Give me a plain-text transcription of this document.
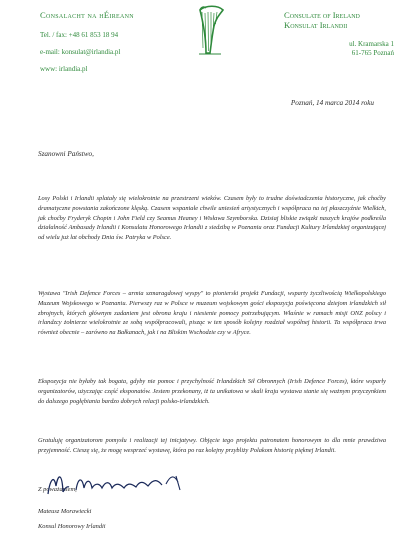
Consalacht na hÉireann
Tel. / fax: +48 61 853 18 94
e-mail: konsulat@irlandia.pl
www: irlandia.pl
Consulate of Ireland
Konsulat Irlandii
ul. Kramarska 1
61-765 Poznań
Poznań, 14 marca 2014 roku
Szanowni Państwo,

Losy Polski i Irlandii splatały się wielokrotnie na przestrzeni wieków. Czasem były to trudne doświadczenia historyczne, jak choćby dramatyczne powstania zakończone klęską. Czasem wspaniałe chwile uniesień artystycznych i współpraca na tej płaszczyźnie Wielkich, jak choćby Fryderyk Chopin i John Field czy Seamus Heaney i Wisława Szymborska. Dzisiaj bliskie związki naszych krajów podkreśla działalność Ambasady Irlandii i Konsulatu Honorowego Irlandii z siedzibą w Poznaniu oraz Fundacji Kultury Irlandzkiej organizującej od wielu już lat obchody Dnia św. Patryka w Polsce.

Wystawa "Irish Defence Forces – armia szmaragdowej wyspy" to pionierski projekt Fundacji, wsparty życzliwością Wielkopolskiego Muzeum Wojskowego w Poznaniu. Pierwszy raz w Polsce w muzeum wojskowym gości ekspozycja poświęcona dziejom irlandzkich sił zbrojnych, których głównym zadaniem jest obrona kraju i niesienie pomocy potrzebującym. Właśnie w ramach misji ONZ polscy i irlandzcy żołnierze wielokrotnie ze sobą współpracowali, pisząc w ten sposób kolejny rozdział wspólnej historii. Ta współpraca trwa również obecnie – zarówno na Bałkanach, jak i na Bliskim Wschodzie czy w Afryce.

Ekspozycja nie byłaby tak bogata, gdyby nie pomoc i przychylność Irlandzkich Sił Obronnych (Irish Defence Forces), które wsparły organizatorów, użyczając część eksponatów. Jestem przekonany, iż ta unikatowa w skali kraju wystawa stanie się ważnym przyczynkiem do dalszego pogłębiania bardzo dobrych relacji polsko-irlandzkich.

Gratuluję organizatorom pomysłu i realizacji tej inicjatywy. Objęcie tego projektu patronatem honorowym to dla mnie prawdziwa przyjemność. Cieszę się, że mogę wesprzeć wystawę, która po raz kolejny przybliży Polakom historię pięknej Irlandii.

Z poważaniem,
Mateusz Morawiecki
Konsul Honorowy Irlandii
